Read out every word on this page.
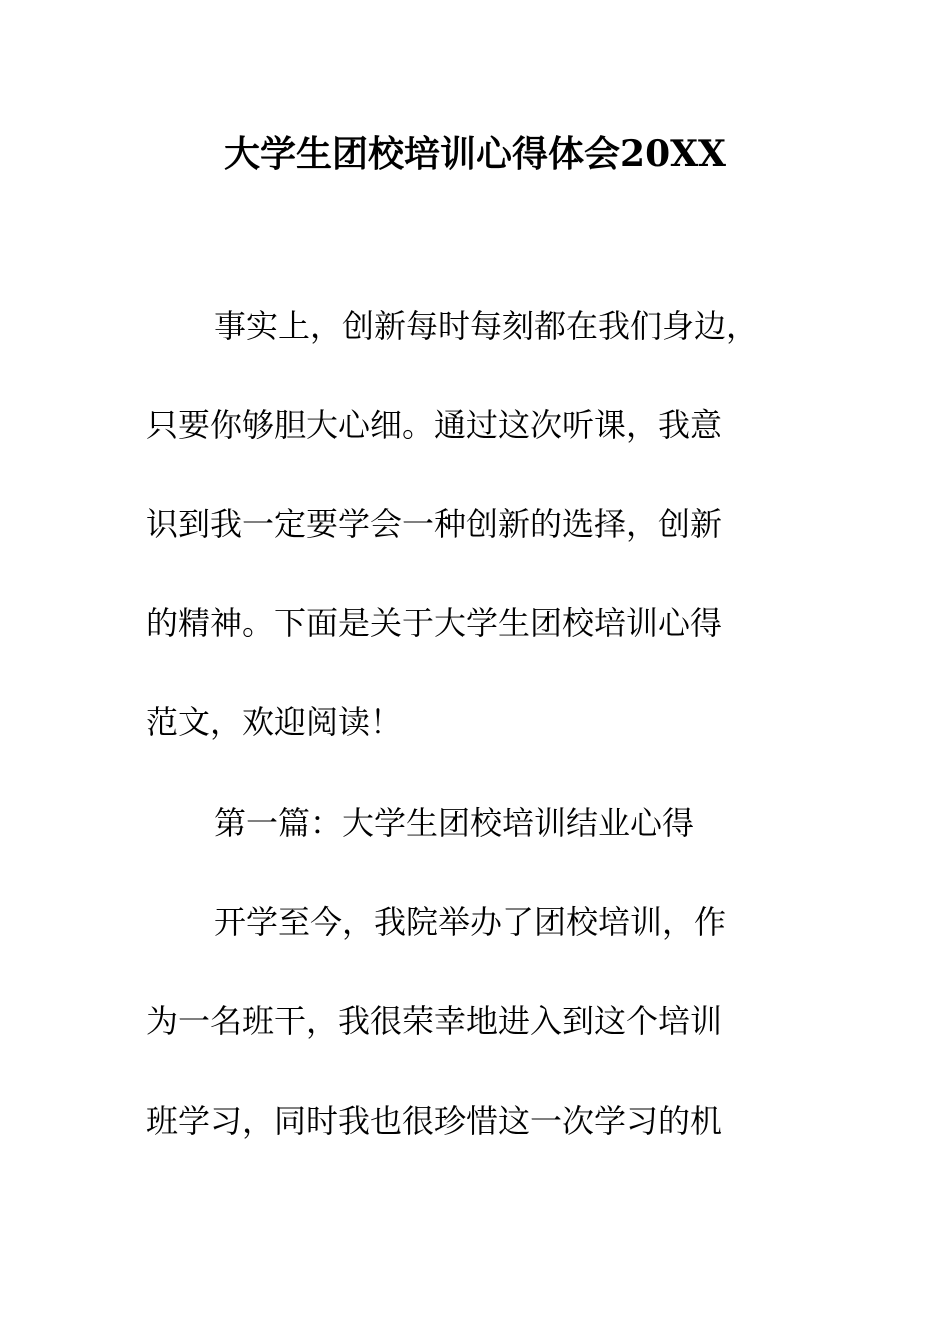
大学生团校培训心得体会20XX

事实上，创新每时每刻都在我们身边，

只要你够胆大心细。通过这次听课，我意

识到我一定要学会一种创新的选择，创新

的精神。下面是关于大学生团校培训心得

范文，欢迎阅读！

第一篇：大学生团校培训结业心得

开学至今，我院举办了团校培训，作

为一名班干，我很荣幸地进入到这个培训

班学习，同时我也很珍惜这一次学习的机
